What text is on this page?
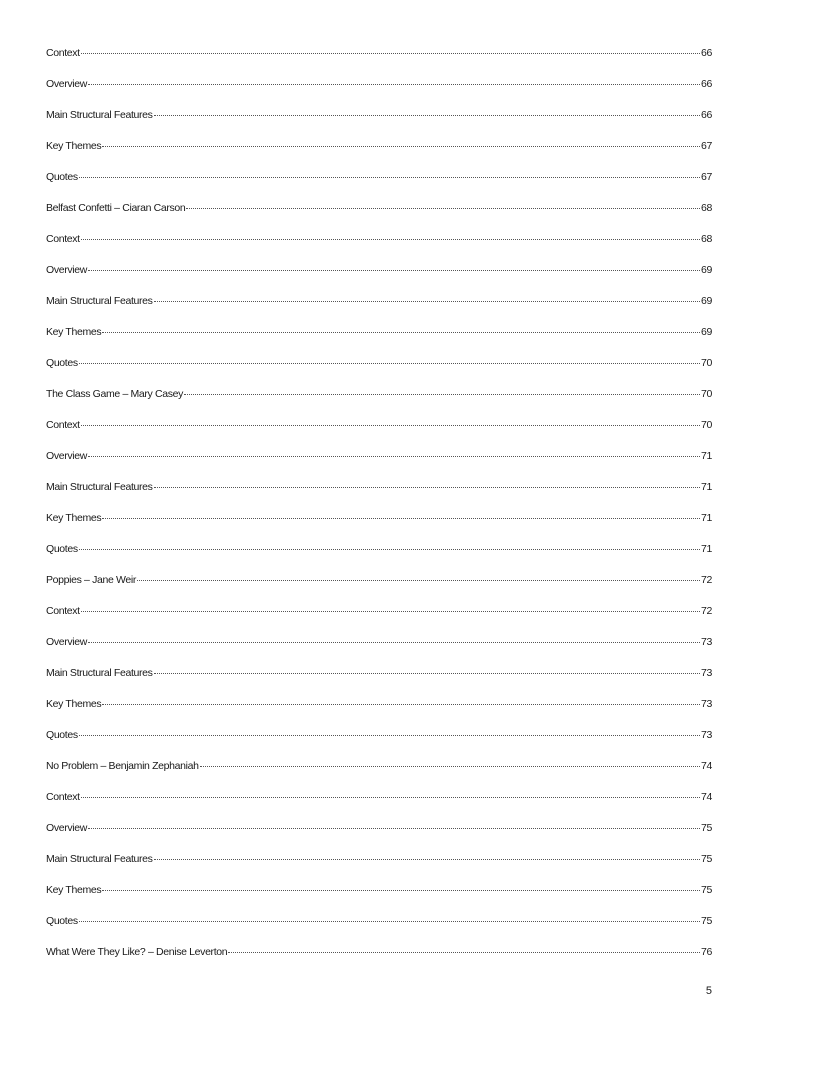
Context	66
Overview	66
Main Structural Features	66
Key Themes	67
Quotes	67
Belfast Confetti – Ciaran Carson	68
Context	68
Overview	69
Main Structural Features	69
Key Themes	69
Quotes	70
The Class Game – Mary Casey	70
Context	70
Overview	71
Main Structural Features	71
Key Themes	71
Quotes	71
Poppies – Jane Weir	72
Context	72
Overview	73
Main Structural Features	73
Key Themes	73
Quotes	73
No Problem – Benjamin Zephaniah	74
Context	74
Overview	75
Main Structural Features	75
Key Themes	75
Quotes	75
What Were They Like? – Denise Leverton	76
5
